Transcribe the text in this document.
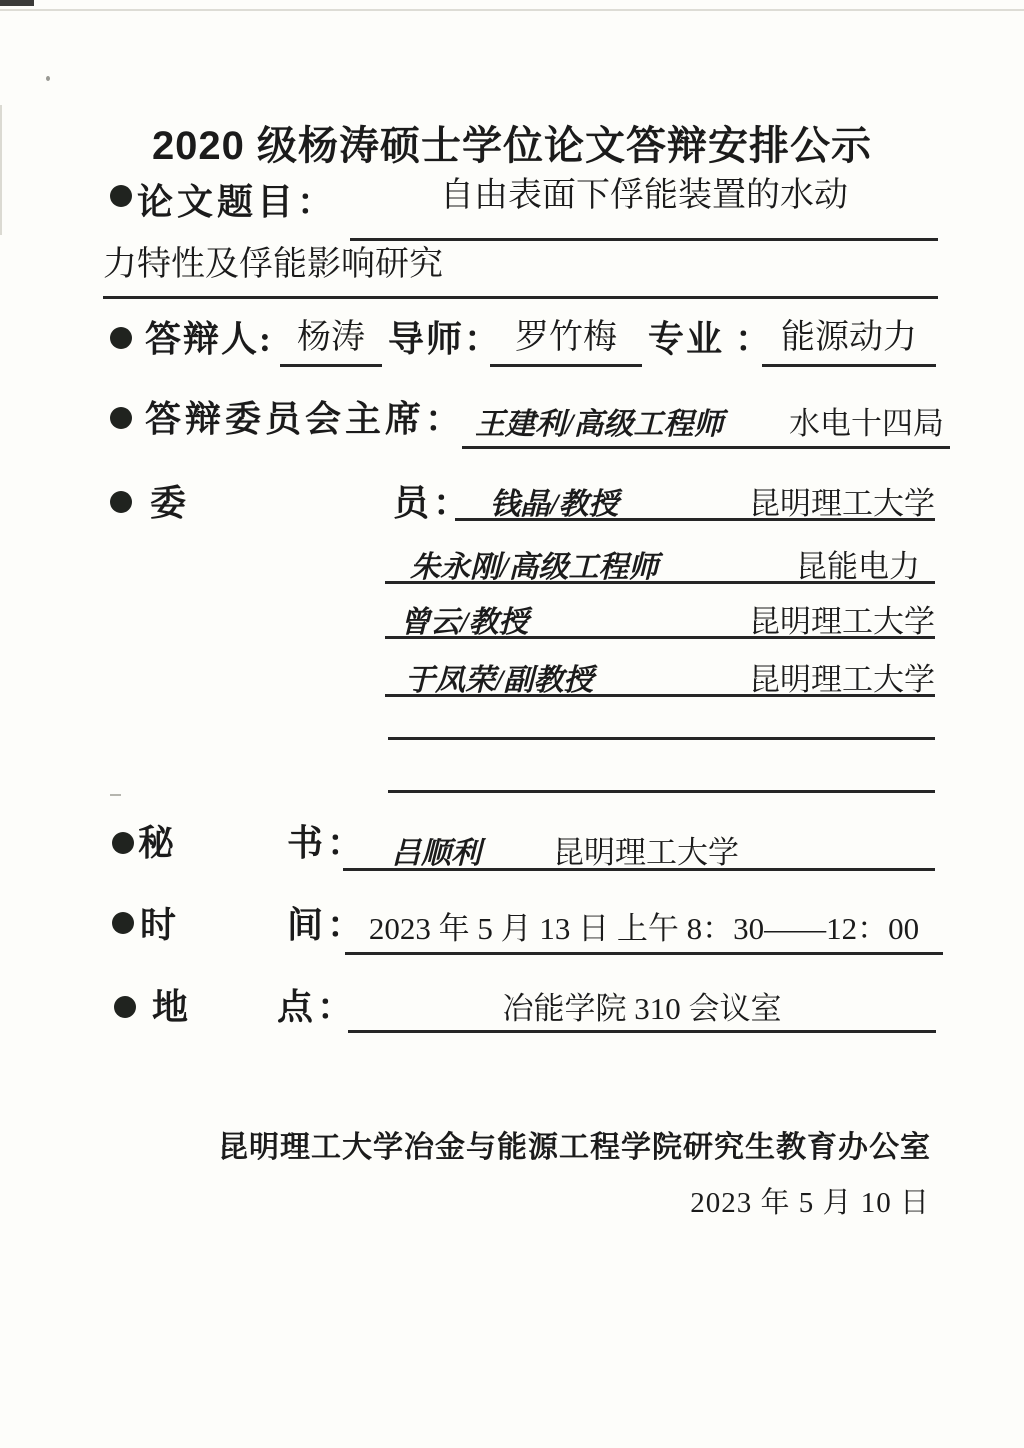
2020 级杨涛硕士学位论文答辩安排公示
论文题目：	自由表面下俘能装置的水动
力特性及俘能影响研究
答辩人: 杨涛 导师： 罗竹梅 专业 ： 能源动力
答辩委员会主席： 王建利/高级工程师 水电十四局
委	员： 钱晶/教授	昆明理工大学
朱永刚/高级工程师	昆能电力
曾云/教授	昆明理工大学
于凤荣/副教授	昆明理工大学
秘	书： 吕顺利 昆明理工大学
时	间： 2023 年 5 月 13 日 上午 8：30——12：00
地 点：	冶能学院 310 会议室
昆明理工大学冶金与能源工程学院研究生教育办公室
2023 年 5 月 10 日
